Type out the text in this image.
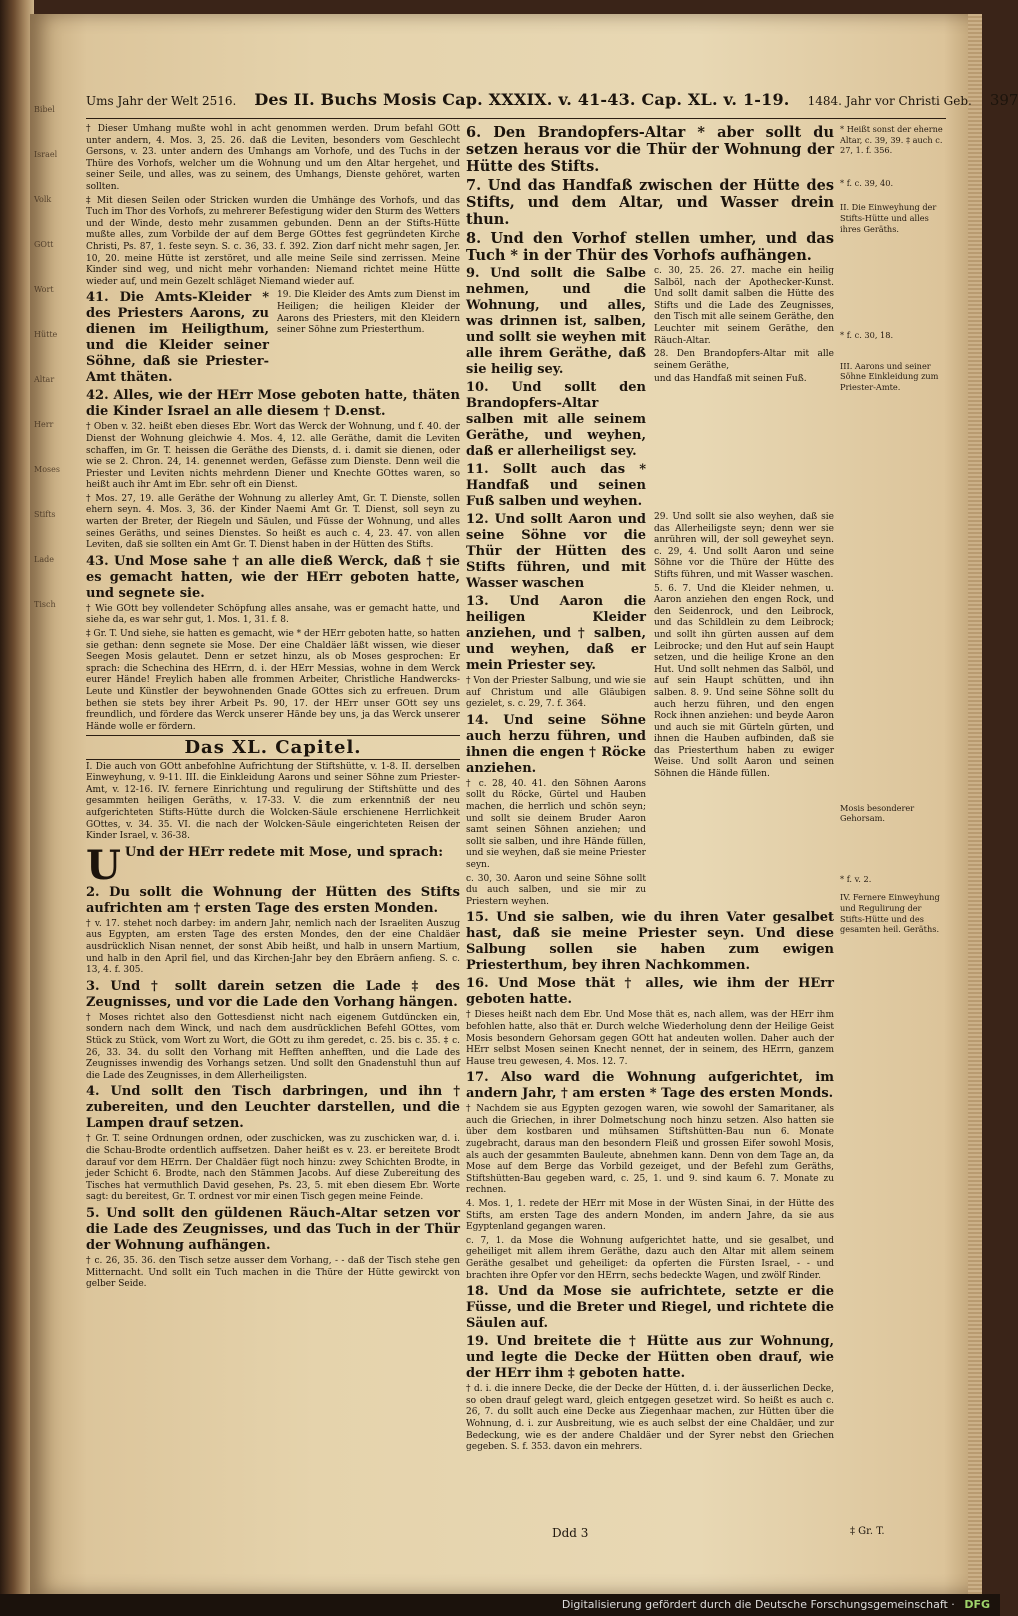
Bibel
Israel
Volk
GOtt
Wort
Hütte
Altar
Herr
Moses
Stifts
Lade
Tisch
Ums Jahr der Welt 2516. Des II. Buchs Mosis Cap. XXXIX. v. 41-43. Cap. XL. v. 1-19. 1484. Jahr vor Christi Geb. 397

† Dieser Umhang mußte wohl in acht genommen werden. Drum befahl GOtt unter andern, 4. Mos. 3, 25. 26. daß die Leviten, besonders vom Geschlecht Gersons, v. 23. unter andern des Umhangs am Vorhofe, und des Tuchs in der Thüre des Vorhofs, welcher um die Wohnung und um den Altar hergehet, und seiner Seile, und alles, was zu seinem, des Umhangs, Dienste gehöret, warten sollten.

‡ Mit diesen Seilen oder Stricken wurden die Umhänge des Vorhofs, und das Tuch im Thor des Vorhofs, zu mehrerer Befestigung wider den Sturm des Wetters und der Winde, desto mehr zusammen gebunden. Denn an der Stifts-Hütte mußte alles, zum Vorbilde der auf dem Berge GOttes fest gegründeten Kirche Christi, Ps. 87, 1. feste seyn. S. c. 36, 33. f. 392. Zion darf nicht mehr sagen, Jer. 10, 20. meine Hütte ist zerstöret, und alle meine Seile sind zerrissen. Meine Kinder sind weg, und nicht mehr vorhanden: Niemand richtet meine Hütte wieder auf, und mein Gezelt schläget Niemand wieder auf.

41. Die Amts-Kleider * des Priesters Aarons, zu dienen im Heiligthum, und die Kleider seiner Söhne, daß sie Priester-Amt thäten.

19. Die Kleider des Amts zum Dienst im Heiligen; die heiligen Kleider der Aarons des Priesters, mit den Kleidern seiner Söhne zum Priesterthum.

42. Alles, wie der HErr Mose geboten hatte, thäten die Kinder Israel an alle diesem † D.enst.

† Oben v. 32. heißt eben dieses Ebr. Wort das Werck der Wohnung, und f. 40. der Dienst der Wohnung gleichwie 4. Mos. 4, 12. alle Geräthe, damit die Leviten schaffen, im Gr. T. heissen die Geräthe des Diensts, d. i. damit sie dienen, oder wie se 2. Chron. 24, 14. genennet werden, Gefässe zum Dienste. Denn weil die Priester und Leviten nichts mehrdenn Diener und Knechte GOttes waren, so heißt auch ihr Amt im Ebr. sehr oft ein Dienst.

† Mos. 27, 19. alle Geräthe der Wohnung zu allerley Amt, Gr. T. Dienste, sollen ehern seyn. 4. Mos. 3, 36. der Kinder Naemi Amt Gr. T. Dienst, soll seyn zu warten der Breter, der Riegeln und Säulen, und Füsse der Wohnung, und alles seines Geräths, und seines Dienstes. So heißt es auch c. 4, 23. 47. von allen Leviten, daß sie sollten ein Amt Gr. T. Dienst haben in der Hütten des Stifts.

43. Und Mose sahe † an alle dieß Werck, daß † sie es gemacht hatten, wie der HErr geboten hatte, und segnete sie.

† Wie GOtt bey vollendeter Schöpfung alles ansahe, was er gemacht hatte, und siehe da, es war sehr gut, 1. Mos. 1, 31. f. 8.

‡ Gr. T. Und siehe, sie hatten es gemacht, wie * der HErr geboten hatte, so hatten sie gethan: denn segnete sie Mose. Der eine Chaldäer läßt wissen, wie dieser Seegen Mosis gelautet. Denn er setzet hinzu, als ob Moses gesprochen: Er sprach: die Schechina des HErrn, d. i. der HErr Messias, wohne in dem Werck eurer Hände! Freylich haben alle frommen Arbeiter, Christliche Handwercks-Leute und Künstler der beywohnenden Gnade GOttes sich zu erfreuen. Drum bethen sie stets bey ihrer Arbeit Ps. 90, 17. der HErr unser GOtt sey uns freundlich, und fördere das Werck unserer Hände bey uns, ja das Werck unserer Hände wolle er fördern.

Das XL. Capitel.

I. Die auch von GOtt anbefohlne Aufrichtung der Stiftshütte, v. 1-8. II. derselben Einweyhung, v. 9-11. III. die Einkleidung Aarons und seiner Söhne zum Priester-Amt, v. 12-16. IV. fernere Einrichtung und regulirung der Stiftshütte und des gesammten heiligen Geräths, v. 17-33. V. die zum erkenntniß der neu aufgerichteten Stifts-Hütte durch die Wolcken-Säule erschienene Herrlichkeit GOttes, v. 34. 35. VI. die nach der Wolcken-Säule eingerichteten Reisen der Kinder Israel, v. 36-38.

U Und der HErr redete mit Mose, und sprach:

2. Du sollt die Wohnung der Hütten des Stifts aufrichten am † ersten Tage des ersten Monden.

† v. 17. stehet noch darbey: im andern Jahr, nemlich nach der Israeliten Auszug aus Egypten, am ersten Tage des ersten Mondes, den der eine Chaldäer ausdrücklich Nisan nennet, der sonst Abib heißt, und halb in unsern Martium, und halb in den April fiel, und das Kirchen-Jahr bey den Ebräern anfieng. S. c. 13, 4. f. 305.

3. Und † sollt darein setzen die Lade ‡ des Zeugnisses, und vor die Lade den Vorhang hängen.

† Moses richtet also den Gottesdienst nicht nach eigenem Gutdüncken ein, sondern nach dem Winck, und nach dem ausdrücklichen Befehl GOttes, vom Stück zu Stück, vom Wort zu Wort, die GOtt zu ihm geredet, c. 25. bis c. 35. ‡ c. 26, 33. 34. du sollt den Vorhang mit Hefften anhefften, und die Lade des Zeugnisses inwendig des Vorhangs setzen. Und sollt den Gnadenstuhl thun auf die Lade des Zeugnisses, in dem Allerheiligsten.

4. Und sollt den Tisch darbringen, und ihn † zubereiten, und den Leuchter darstellen, und die Lampen drauf setzen.

† Gr. T. seine Ordnungen ordnen, oder zuschicken, was zu zuschicken war, d. i. die Schau-Brodte ordentlich auffsetzen. Daher heißt es v. 23. er bereitete Brodt darauf vor dem HErrn. Der Chaldäer fügt noch hinzu: zwey Schichten Brodte, in jeder Schicht 6. Brodte, nach den Stämmen Jacobs. Auf diese Zubereitung des Tisches hat vermuthlich David gesehen, Ps. 23, 5. mit eben diesem Ebr. Worte sagt: du bereitest, Gr. T. ordnest vor mir einen Tisch gegen meine Feinde.

5. Und sollt den güldenen Räuch-Altar setzen vor die Lade des Zeugnisses, und das Tuch in der Thür der Wohnung aufhängen.

† c. 26, 35. 36. den Tisch setze ausser dem Vorhang, - - daß der Tisch stehe gen Mitternacht. Und sollt ein Tuch machen in die Thüre der Hütte gewirckt von gelber Seide.

6. Den Brandopfers-Altar * aber sollt du setzen heraus vor die Thür der Wohnung der Hütte des Stifts.

7. Und das Handfaß zwischen der Hütte des Stifts, und dem Altar, und Wasser drein thun.

8. Und den Vorhof stellen umher, und das Tuch * in der Thür des Vorhofs aufhängen.

9. Und sollt die Salbe nehmen, und die Wohnung, und alles, was drinnen ist, salben, und sollt sie weyhen mit alle ihrem Geräthe, daß sie heilig sey.

10. Und sollt den Brandopfers-Altar salben mit alle seinem Geräthe, und weyhen, daß er allerheiligst sey.

11. Sollt auch das * Handfaß und seinen Fuß salben und weyhen.

c. 30, 25. 26. 27. mache ein heilig Salböl, nach der Apothecker-Kunst. Und sollt damit salben die Hütte des Stifts und die Lade des Zeugnisses, den Tisch mit alle seinem Geräthe, den Leuchter mit seinem Geräthe, den Räuch-Altar.

28. Den Brandopfers-Altar mit alle seinem Geräthe,

und das Handfaß mit seinen Fuß.

12. Und sollt Aaron und seine Söhne vor die Thür der Hütten des Stifts führen, und mit Wasser waschen

13. Und Aaron die heiligen Kleider anziehen, und † salben, und weyhen, daß er mein Priester sey.

† Von der Priester Salbung, und wie sie auf Christum und alle Gläubigen gezielet, s. c. 29, 7. f. 364.

14. Und seine Söhne auch herzu führen, und ihnen die engen † Röcke anziehen.

† c. 28, 40. 41. den Söhnen Aarons sollt du Röcke, Gürtel und Hauben machen, die herrlich und schön seyn; und sollt sie deinem Bruder Aaron samt seinen Söhnen anziehen; und sollt sie salben, und ihre Hände füllen, und sie weyhen, daß sie meine Priester seyn.

c. 30, 30. Aaron und seine Söhne sollt du auch salben, und sie mir zu Priestern weyhen.

29. Und sollt sie also weyhen, daß sie das Allerheiligste seyn; denn wer sie anrühren will, der soll geweyhet seyn. c. 29, 4. Und sollt Aaron und seine Söhne vor die Thüre der Hütte des Stifts führen, und mit Wasser waschen.

5. 6. 7. Und die Kleider nehmen, u. Aaron anziehen den engen Rock, und den Seidenrock, und den Leibrock, und das Schildlein zu dem Leibrock; und sollt ihn gürten aussen auf dem Leibrocke; und den Hut auf sein Haupt setzen, und die heilige Krone an den Hut. Und sollt nehmen das Salböl, und auf sein Haupt schütten, und ihn salben. 8. 9. Und seine Söhne sollt du auch herzu führen, und den engen Rock ihnen anziehen: und beyde Aaron und auch sie mit Gürteln gürten, und ihnen die Hauben aufbinden, daß sie das Priesterthum haben zu ewiger Weise. Und sollt Aaron und seinen Söhnen die Hände füllen.

15. Und sie salben, wie du ihren Vater gesalbet hast, daß sie meine Priester seyn. Und diese Salbung sollen sie haben zum ewigen Priesterthum, bey ihren Nachkommen.

16. Und Mose thät † alles, wie ihm der HErr geboten hatte.

† Dieses heißt nach dem Ebr. Und Mose thät es, nach allem, was der HErr ihm befohlen hatte, also thät er. Durch welche Wiederholung denn der Heilige Geist Mosis besondern Gehorsam gegen GOtt hat andeuten wollen. Daher auch der HErr selbst Mosen seinen Knecht nennet, der in seinem, des HErrn, ganzem Hause treu gewesen, 4. Mos. 12. 7.

17. Also ward die Wohnung aufgerichtet, im andern Jahr, † am ersten * Tage des ersten Monds.

† Nachdem sie aus Egypten gezogen waren, wie sowohl der Samaritaner, als auch die Griechen, in ihrer Dolmetschung noch hinzu setzen. Also hatten sie über dem kostbaren und mühsamen Stiftshütten-Bau nun 6. Monate zugebracht, daraus man den besondern Fleiß und grossen Eifer sowohl Mosis, als auch der gesammten Bauleute, abnehmen kann. Denn von dem Tage an, da Mose auf dem Berge das Vorbild gezeiget, und der Befehl zum Geräths, Stiftshütten-Bau gegeben ward, c. 25, 1. und 9. sind kaum 6. 7. Monate zu rechnen.

4. Mos. 1, 1. redete der HErr mit Mose in der Wüsten Sinai, in der Hütte des Stifts, am ersten Tage des andern Monden, im andern Jahre, da sie aus Egyptenland gegangen waren.

c. 7, 1. da Mose die Wohnung aufgerichtet hatte, und sie gesalbet, und geheiliget mit allem ihrem Geräthe, dazu auch den Altar mit allem seinem Geräthe gesalbet und geheiliget: da opferten die Fürsten Israel, - - und brachten ihre Opfer vor den HErrn, sechs bedeckte Wagen, und zwölf Rinder.

18. Und da Mose sie aufrichtete, setzte er die Füsse, und die Breter und Riegel, und richtete die Säulen auf.

19. Und breitete die † Hütte aus zur Wohnung, und legte die Decke der Hütten oben drauf, wie der HErr ihm ‡ geboten hatte.

† d. i. die innere Decke, die der Decke der Hütten, d. i. der äusserlichen Decke, so oben drauf gelegt ward, gleich entgegen gesetzet wird. So heißt es auch c. 26, 7. du sollt auch eine Decke aus Ziegenhaar machen, zur Hütten über die Wohnung, d. i. zur Ausbreitung, wie es auch selbst der eine Chaldäer, und zur Bedeckung, wie es der andere Chaldäer und der Syrer nebst den Griechen gegeben. S. f. 353. davon ein mehrers.

* Heißt sonst der eherne Altar, c. 39, 39. ‡ auch c. 27, 1. f. 356.

* f. c. 39, 40.

II. Die Einweyhung der Stifts-Hütte und alles ihres Geräths.

* f. c. 30, 18.

III. Aarons und seiner Söhne Einkleidung zum Priester-Amte.

Mosis besonderer Gehorsam.

* f. v. 2.

IV. Fernere Einweyhung und Regulirung der Stifts-Hütte und des gesamten heil. Geräths.

Ddd 3	‡ Gr. T.
Digitalisierung gefördert durch die Deutsche Forschungsgemeinschaft · DFG
